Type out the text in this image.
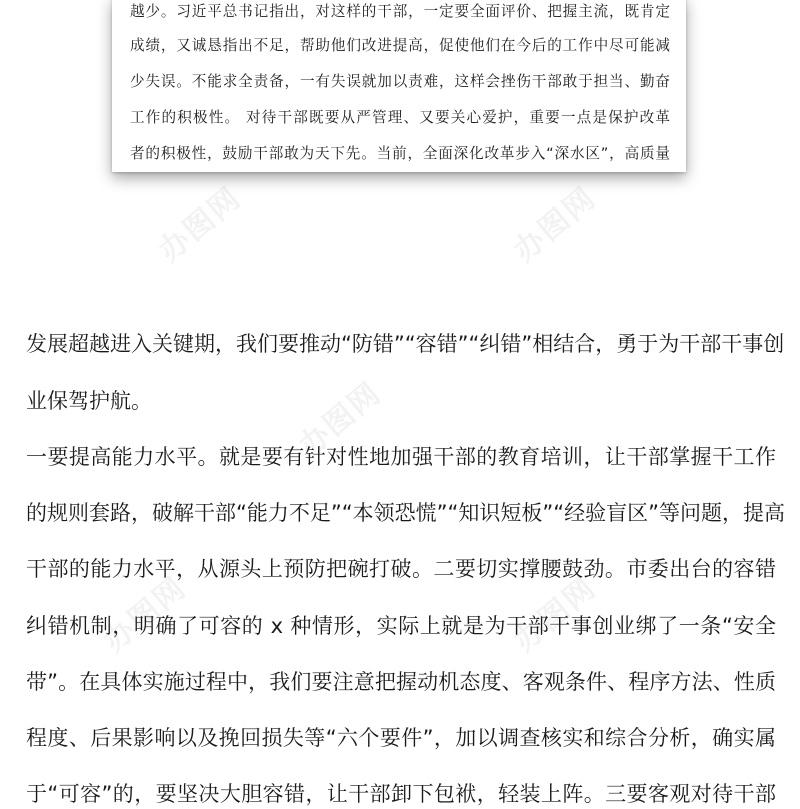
办图网	办图网
办图网
办图网	办图网
越少。习近平总书记指出，对这样的干部，一定要全面评价、把握主流，既肯定
成绩，又诚恳指出不足，帮助他们改进提高，促使他们在今后的工作中尽可能减
少失误。不能求全责备，一有失误就加以责难，这样会挫伤干部敢于担当、勤奋
工作的积极性。 对待干部既要从严管理、又要关心爱护，重要一点是保护改革
者的积极性，鼓励干部敢为天下先。当前，全面深化改革步入“深水区”，高质量
发展超越进入关键期，我们要推动“防错”“容错”“纠错”相结合，勇于为干部干事创
业保驾护航。
一要提高能力水平。就是要有针对性地加强干部的教育培训，让干部掌握干工作
的规则套路，破解干部“能力不足”“本领恐慌”“知识短板”“经验盲区”等问题，提高
干部的能力水平，从源头上预防把碗打破。二要切实撑腰鼓劲。市委出台的容错
纠错机制，明确了可容的 x 种情形，实际上就是为干部干事创业绑了一条“安全
带”。在具体实施过程中，我们要注意把握动机态度、客观条件、程序方法、性质
程度、后果影响以及挽回损失等“六个要件”，加以调查核实和综合分析，确实属
于“可容”的，要坚决大胆容错，让干部卸下包袱，轻装上阵。三要客观对待干部
